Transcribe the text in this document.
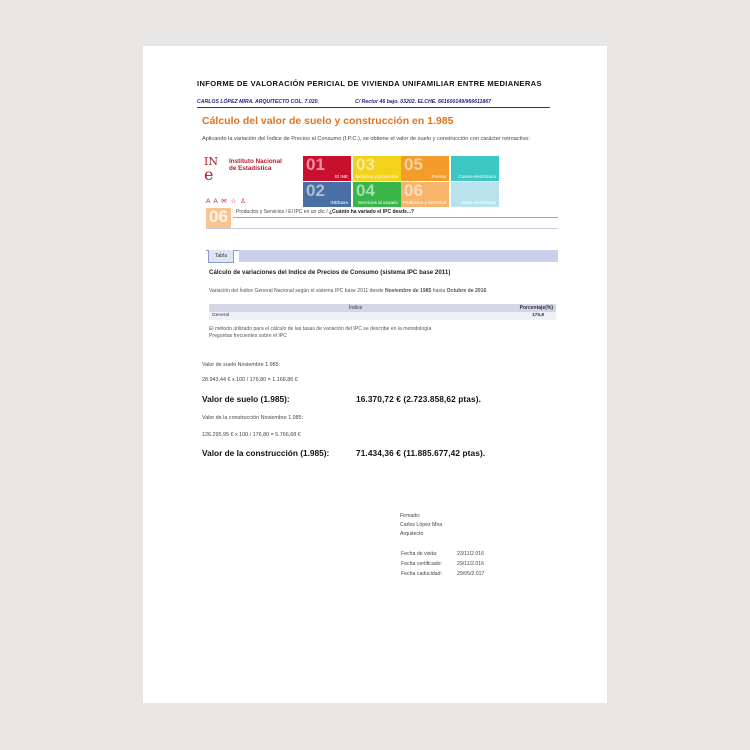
INFORME DE VALORACIÓN PERICIAL DE VIVIENDA UNIFAMILIAR ENTRE MEDIANERAS
CARLOS LÓPEZ MIRA. ARQUITECTO COL. 7.020.	C/ Rector 46 bajo. 03202. ELCHE. 661600149/966611867
Cálculo del valor de suelo y construcción en 1.985
Aplicando la variación del Índice de Precios al Consumo (I.P.C.), se obtiene el valor de suelo y construcción con carácter retroactivo:
IN
e
Instituto Nacional de Estadística
A A ✉ ☆ ♙
06 Productos y Servicios / El IPC en un clic / ¿Cuánto ha variado el IPC desde...?
Tabla
Cálculo de variaciones del Indice de Precios de Consumo (sistema IPC base 2011)
Variación del Índice General Nacional según el sistema IPC base 2011 desde Noviembre de 1985 hasta Octubre de 2016
Índice	Porcentaje(%)
General	175,8
El método utilizado para el cálculo de las tasas de variación del IPC se describe en la metodología
Preguntas frecuentes sobre el IPC
Valor de suelo Noviembre 1.985:
28.943,44 € x 100 / 176,80 = 1.168,86 €
Valor de suelo (1.985):	16.370,72 € (2.723.858,62 ptas).
Valor de la construcción Noviembre 1.985:
126.295,95 € x 100 / 176,80 = 5.766,68 €
Valor de la construcción (1.985):	71.434,36 € (11.885.677,42 ptas).
Firmado:
Carlos López Mira
Arquitecto
Fecha de visita:	23/11/2.016
Fecha certificado:	29/11/2.016
Fecha caducidad:	29/05/2.017
01
El INE
03
Métodos y proyectos
05
Prensa	Correo electrónico
02
INEbase
04
Servicios al usuario
06
Productos y servicios	Sede electrónica
